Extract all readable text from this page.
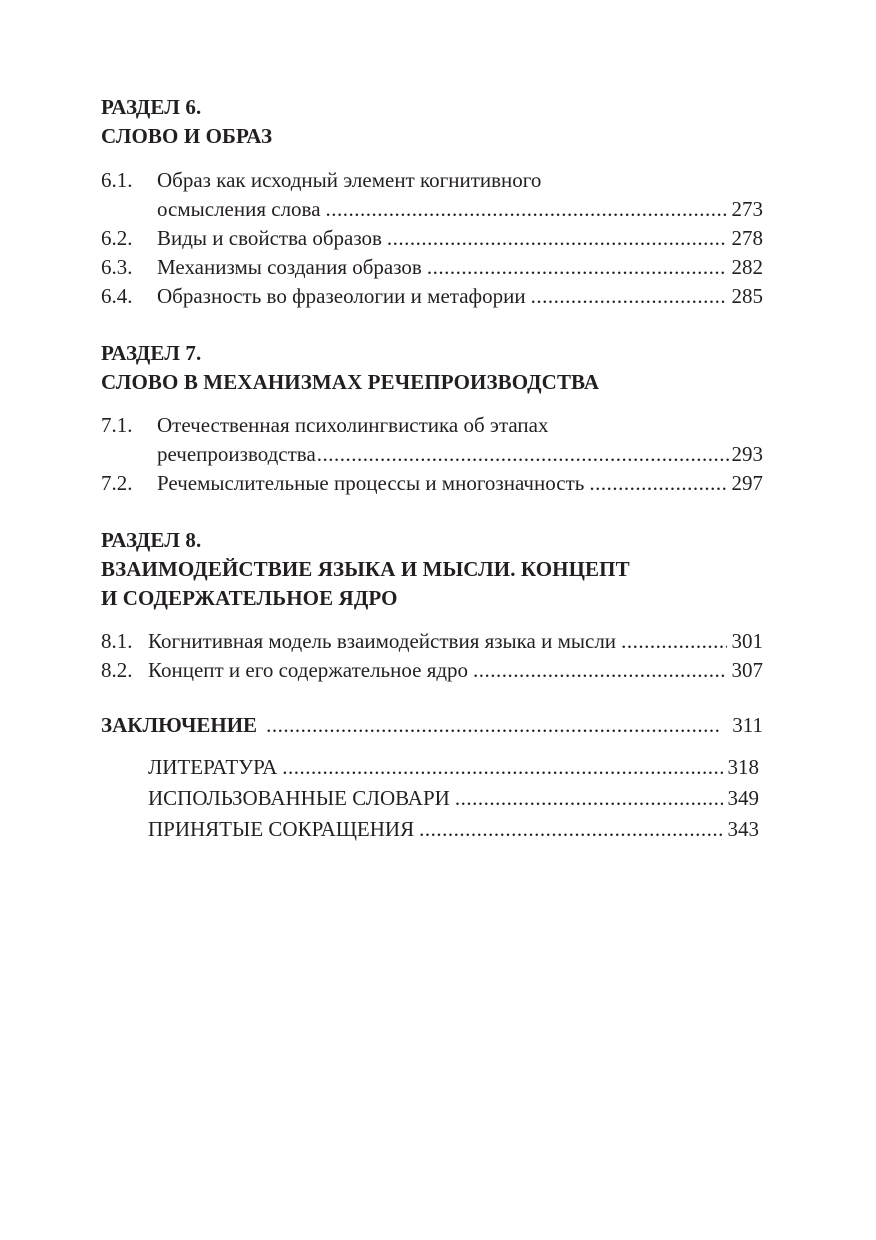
РАЗДЕЛ 6.
СЛОВО И ОБРАЗ
6.1.	Образ как исходный элемент когнитивного
осмысления слова .....	273
6.2.	Виды и свойства образов .....	278
6.3.	Механизмы создания образов .....	282
6.4.	Образность во фразеологии и метафории .....	285
РАЗДЕЛ 7.
СЛОВО В МЕХАНИЗМАХ РЕЧЕПРОИЗВОДСТВА
7.1.	Отечественная психолингвистика об этапах
речепроизводства .....	293
7.2.	Речемыслительные процессы и многозначность .....	297
РАЗДЕЛ 8.
ВЗАИМОДЕЙСТВИЕ ЯЗЫКА И МЫСЛИ. КОНЦЕПТ
И СОДЕРЖАТЕЛЬНОЕ ЯДРО
8.1. Когнитивная модель взаимодействия языка и мысли .....	301
8.2. Концепт и его содержательное ядро .....	307
ЗАКЛЮЧЕНИЕ .....	311
ЛИТЕРАТУРА .....	318
ИСПОЛЬЗОВАННЫЕ СЛОВАРИ .....	349
ПРИНЯТЫЕ СОКРАЩЕНИЯ .....	343
